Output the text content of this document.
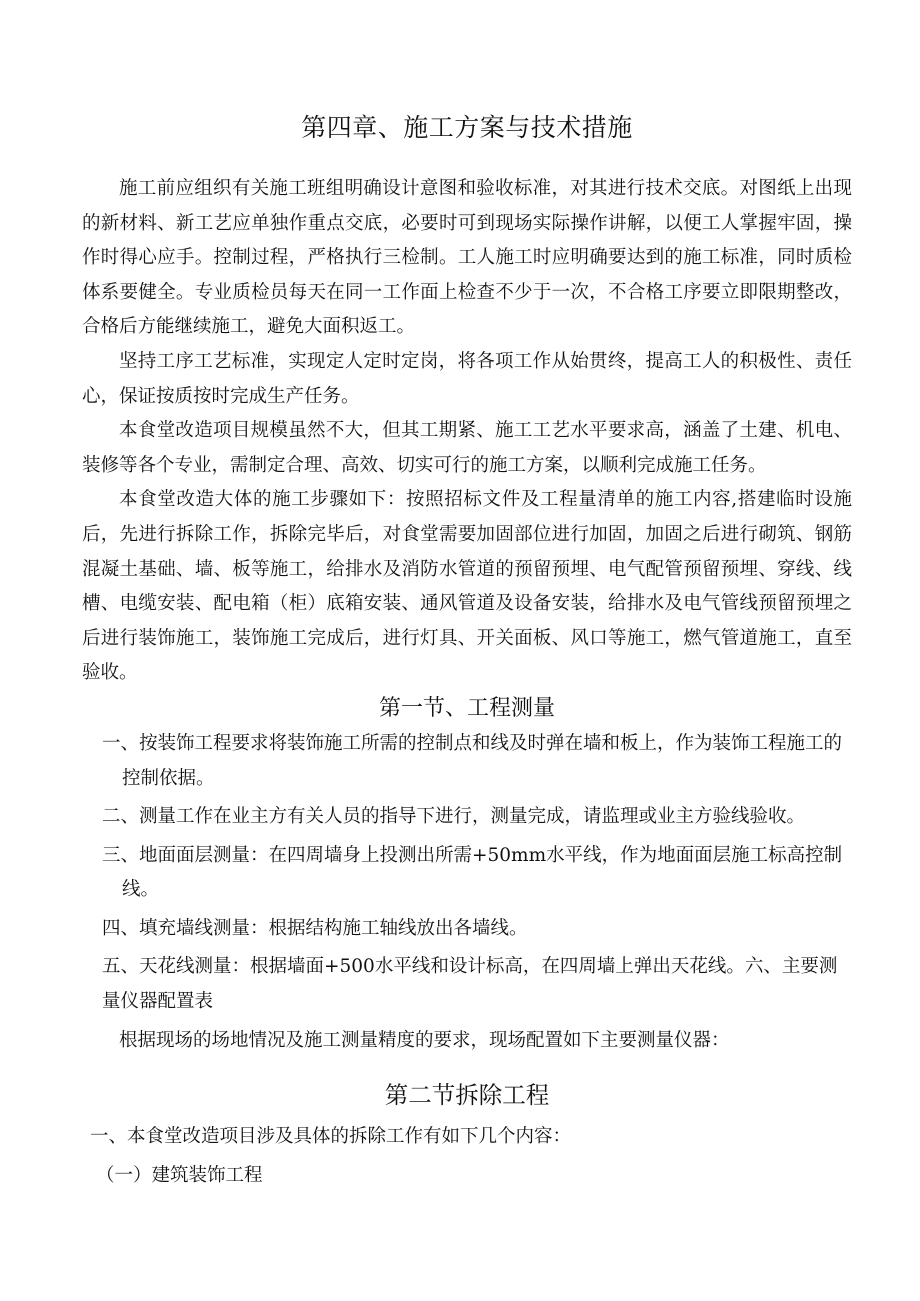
第四章、施工方案与技术措施

施工前应组织有关施工班组明确设计意图和验收标准，对其进行技术交底。对图纸上出现的新材料、新工艺应单独作重点交底，必要时可到现场实际操作讲解，以便工人掌握牢固，操作时得心应手。控制过程，严格执行三检制。工人施工时应明确要达到的施工标准，同时质检体系要健全。专业质检员每天在同一工作面上检查不少于一次，不合格工序要立即限期整改，合格后方能继续施工，避免大面积返工。

坚持工序工艺标准，实现定人定时定岗，将各项工作从始贯终，提高工人的积极性、责任心，保证按质按时完成生产任务。

本食堂改造项目规模虽然不大，但其工期紧、施工工艺水平要求高，涵盖了土建、机电、装修等各个专业，需制定合理、高效、切实可行的施工方案，以顺利完成施工任务。

本食堂改造大体的施工步骤如下：按照招标文件及工程量清单的施工内容,搭建临时设施后，先进行拆除工作，拆除完毕后，对食堂需要加固部位进行加固，加固之后进行砌筑、钢筋混凝土基础、墙、板等施工，给排水及消防水管道的预留预埋、电气配管预留预埋、穿线、线槽、电缆安装、配电箱（柜）底箱安装、通风管道及设备安装，给排水及电气管线预留预埋之后进行装饰施工，装饰施工完成后，进行灯具、开关面板、风口等施工，燃气管道施工，直至验收。

第一节、工程测量

一、按装饰工程要求将装饰施工所需的控制点和线及时弹在墙和板上，作为装饰工程施工的控制依据。

二、测量工作在业主方有关人员的指导下进行，测量完成，请监理或业主方验线验收。

三、地面面层测量：在四周墙身上投测出所需+50mm水平线，作为地面面层施工标高控制线。

四、填充墙线测量：根据结构施工轴线放出各墙线。

五、天花线测量：根据墙面+500水平线和设计标高，在四周墙上弹出天花线。六、主要测量仪器配置表

根据现场的场地情况及施工测量精度的要求，现场配置如下主要测量仪器：

第二节拆除工程

一、本食堂改造项目涉及具体的拆除工作有如下几个内容：

（一）建筑装饰工程
